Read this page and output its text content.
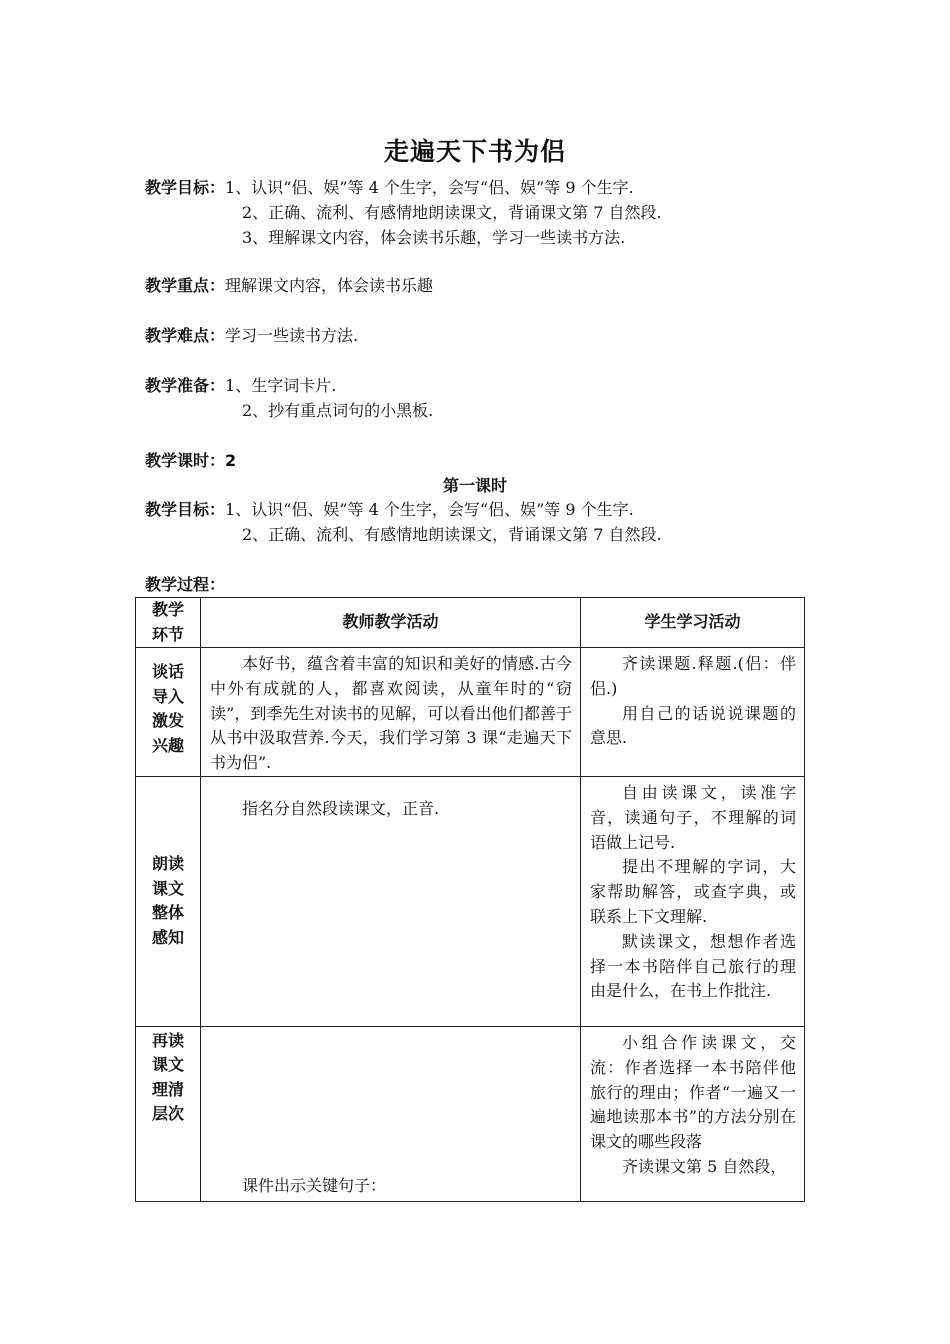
走遍天下书为侣
教学目标：1、认识“侣、娱”等 4 个生字，会写“侣、娱”等 9 个生字.
2、正确、流利、有感情地朗读课文，背诵课文第 7 自然段.
3、理解课文内容，体会读书乐趣，学习一些读书方法.
教学重点：理解课文内容，体会读书乐趣
教学难点：学习一些读书方法.
教学准备：1、生字词卡片.
2、抄有重点词句的小黑板.
教学课时：2
第一课时
教学目标：1、认识“侣、娱”等 4 个生字，会写“侣、娱”等 9 个生字.
2、正确、流利、有感情地朗读课文，背诵课文第 7 自然段.
教学过程：
教学环节	教师教学活动	学生学习活动

谈话导入激发兴趣	本好书，蕴含着丰富的知识和美好的情感.古今中外有成就的人，都喜欢阅读，从童年时的“窃读”，到季先生对读书的见解，可以看出他们都善于从书中汲取营养.今天，我们学习第 3 课“走遍天下书为侣”.	齐读课题.释题.(侣：伴侣.)

用自己的话说说课题的意思.

朗读课文整体感知	指名分自然段读课文，正音.	自由读课文，读准字音，读通句子，不理解的词语做上记号.

提出不理解的字词，大家帮助解答，或查字典，或联系上下文理解.

默读课文，想想作者选择一本书陪伴自己旅行的理由是什么，在书上作批注.

再读课文理清层次	课件出示关键句子：	小组合作读课文，交流：作者选择一本书陪伴他旅行的理由；作者“一遍又一遍地读那本书”的方法分别在课文的哪些段落

齐读课文第 5 自然段，
